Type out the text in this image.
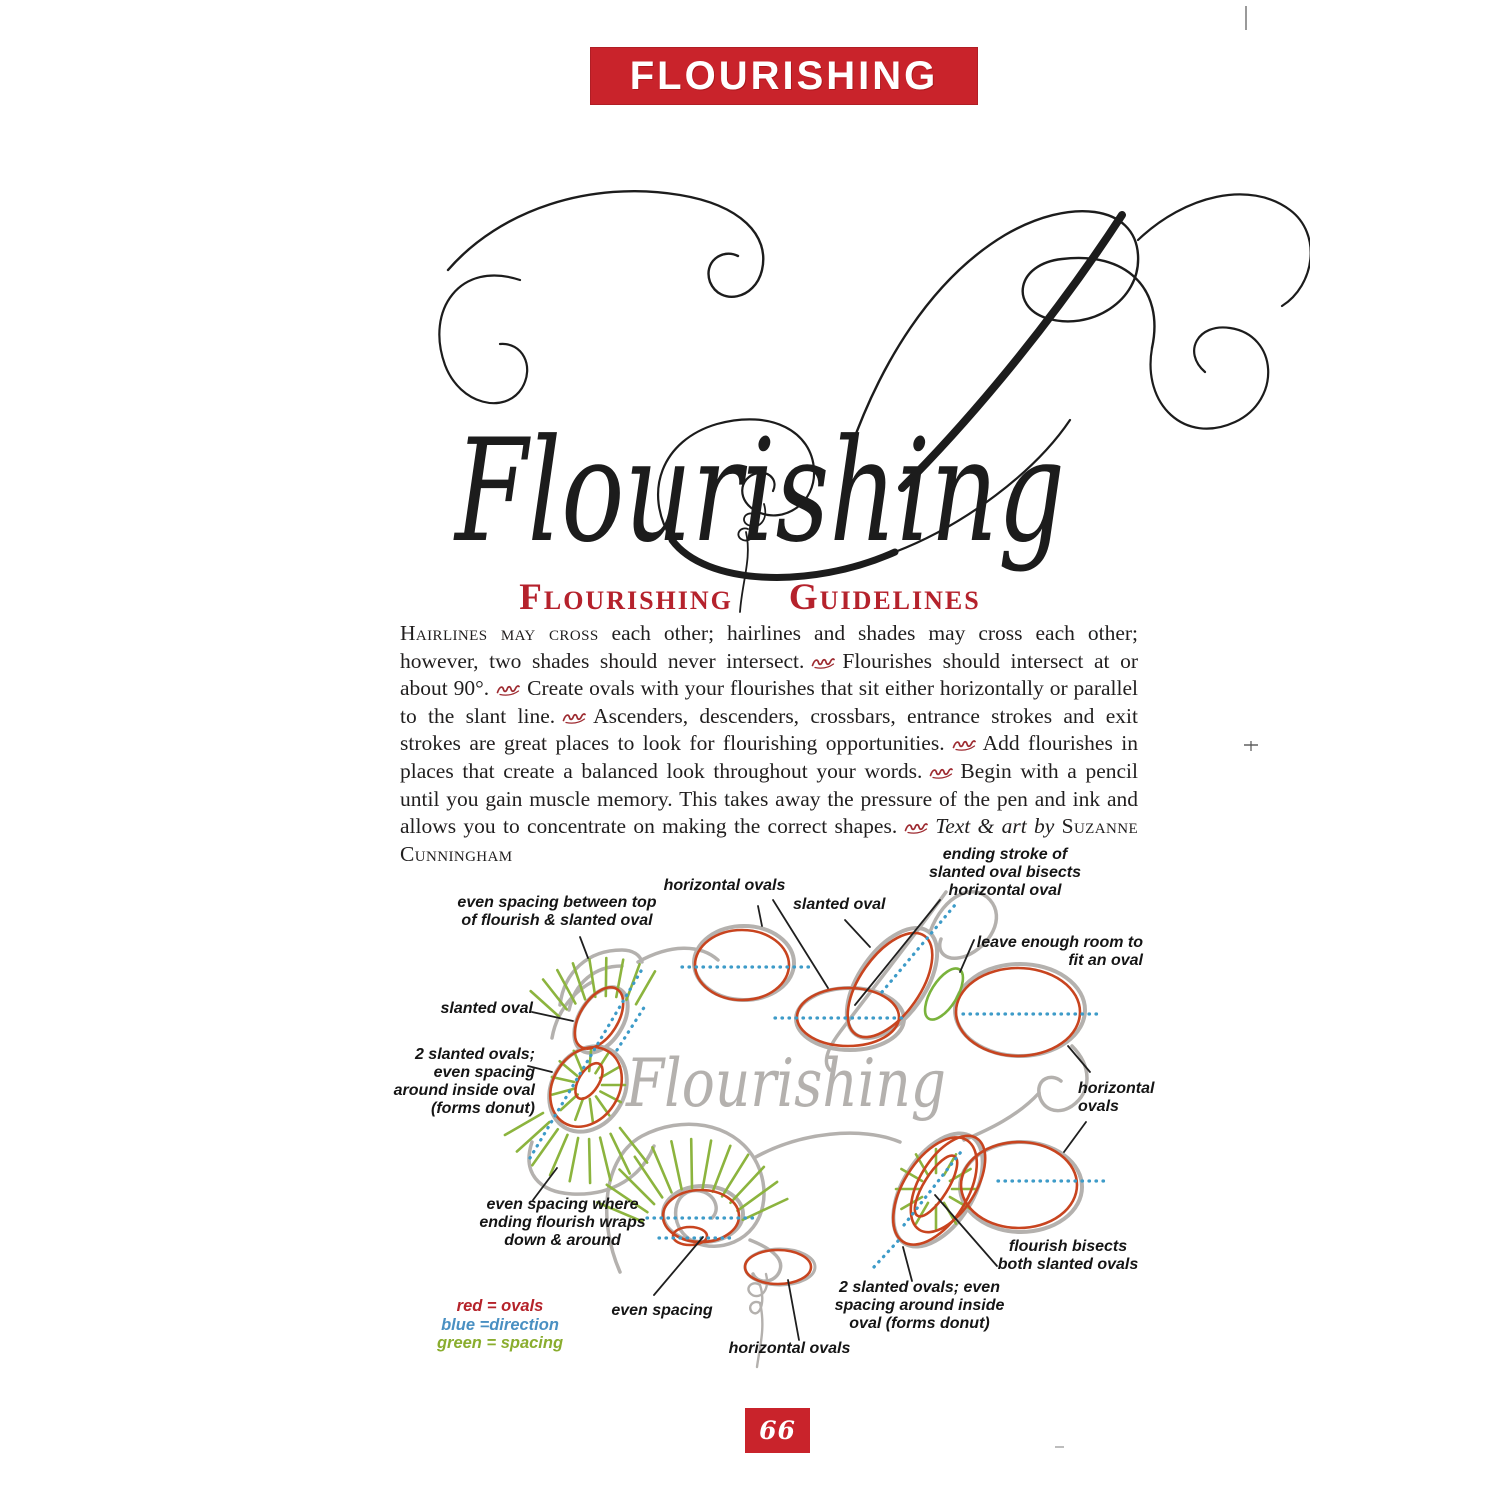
FLOURISHING
Flourishing
Flourishing Guidelines

Hairlines may cross each other; hairlines and shades may cross each other; however, two shades should never intersect. Flourishes should intersect at or about 90°. Create ovals with your flourishes that sit either horizontally or parallel to the slant line. Ascenders, descenders, crossbars, entrance strokes and exit strokes are great places to look for flourishing opportunities. Add flourishes in places that create a balanced look throughout your words. Begin with a pencil until you gain muscle memory. This takes away the pressure of the pen and ink and allows you to concentrate on making the correct shapes. Text & art by Suzanne Cunningham

Flourishing
even spacing between top of flourish & slanted oval
horizontal ovals
slanted oval
ending stroke of slanted oval bisects horizontal oval
leave enough room to fit an oval
slanted oval
2 slanted ovals; even spacing around inside oval (forms donut)
even spacing where ending flourish wraps down & around
even spacing
horizontal ovals
2 slanted ovals; even spacing around inside oval (forms donut)
flourish bisects both slanted ovals
horizontal ovals
red = ovals
blue =direction
green = spacing
66
